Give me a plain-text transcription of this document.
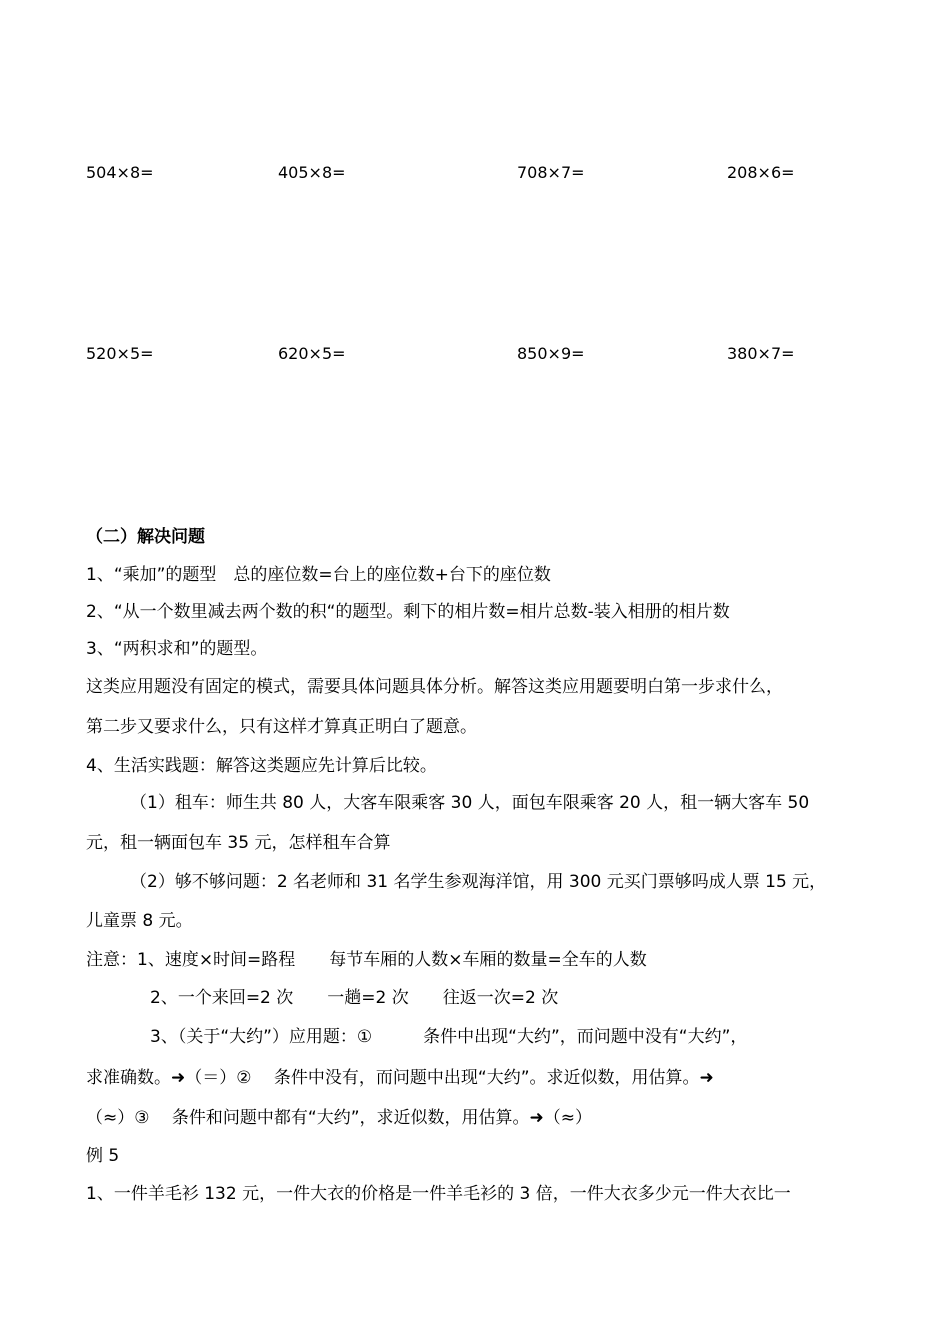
504×8=	405×8=	708×7=	208×6=
520×5=	620×5=	850×9=	380×7=
（二）解决问题
1、“乘加”的题型　总的座位数=台上的座位数+台下的座位数
2、“从一个数里减去两个数的积“的题型。剩下的相片数=相片总数-装入相册的相片数
3、“两积求和”的题型。
这类应用题没有固定的模式，需要具体问题具体分析。解答这类应用题要明白第一步求什么，
第二步又要求什么，只有这样才算真正明白了题意。
4、生活实践题：解答这类题应先计算后比较。
（1）租车：师生共 80 人，大客车限乘客 30 人，面包车限乘客 20 人，租一辆大客车 50
元，租一辆面包车 35 元，怎样租车合算
（2）够不够问题：2 名老师和 31 名学生参观海洋馆，用 300 元买门票够吗成人票 15 元，
儿童票 8 元。
注意：1、速度×时间=路程　　每节车厢的人数×车厢的数量=全车的人数
2、一个来回=2 次　　一趟=2 次　　往返一次=2 次
3、（关于“大约”）应用题：①　　　条件中出现“大约”，而问题中没有“大约”，
求准确数。➜（＝）②　 条件中没有，而问题中出现“大约”。求近似数，用估算。➜
（≈）③　 条件和问题中都有“大约”，求近似数，用估算。➜（≈）
例 5
1、一件羊毛衫 132 元，一件大衣的价格是一件羊毛衫的 3 倍，一件大衣多少元一件大衣比一
